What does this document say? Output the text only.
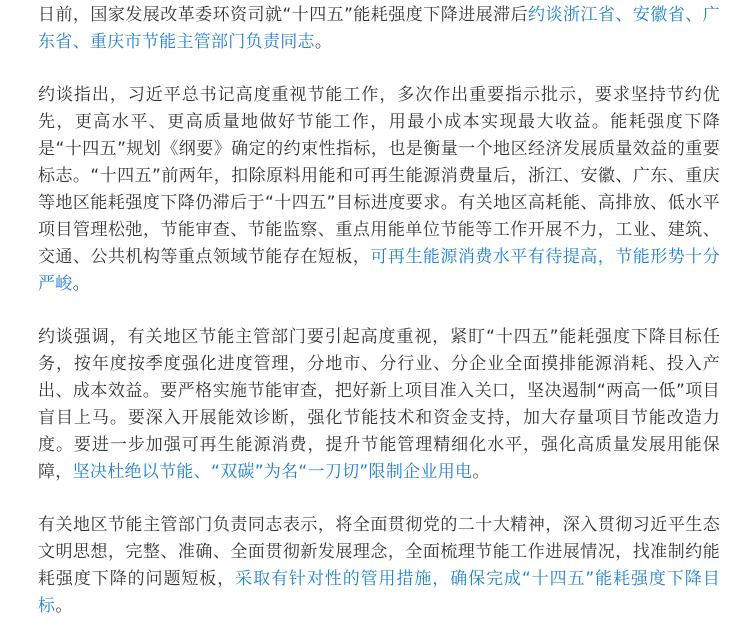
日前，国家发展改革委环资司就“十四五”能耗强度下降进展滞后约谈浙江省、安徽省、广东省、重庆市节能主管部门负责同志。

约谈指出，习近平总书记高度重视节能工作，多次作出重要指示批示，要求坚持节约优先，更高水平、更高质量地做好节能工作，用最小成本实现最大收益。能耗强度下降是“十四五”规划《纲要》确定的约束性指标，也是衡量一个地区经济发展质量效益的重要标志。“十四五”前两年，扣除原料用能和可再生能源消费量后，浙江、安徽、广东、重庆等地区能耗强度下降仍滞后于“十四五”目标进度要求。有关地区高耗能、高排放、低水平项目管理松弛，节能审查、节能监察、重点用能单位节能等工作开展不力，工业、建筑、交通、公共机构等重点领域节能存在短板，可再生能源消费水平有待提高，节能形势十分严峻。

约谈强调，有关地区节能主管部门要引起高度重视，紧盯“十四五”能耗强度下降目标任务，按年度按季度强化进度管理，分地市、分行业、分企业全面摸排能源消耗、投入产出、成本效益。要严格实施节能审查，把好新上项目准入关口，坚决遏制“两高一低”项目盲目上马。要深入开展能效诊断，强化节能技术和资金支持，加大存量项目节能改造力度。要进一步加强可再生能源消费，提升节能管理精细化水平，强化高质量发展用能保障，坚决杜绝以节能、“双碳”为名“一刀切”限制企业用电。

有关地区节能主管部门负责同志表示，将全面贯彻党的二十大精神，深入贯彻习近平生态文明思想，完整、准确、全面贯彻新发展理念，全面梳理节能工作进展情况，找准制约能耗强度下降的问题短板，采取有针对性的管用措施，确保完成“十四五”能耗强度下降目标。
